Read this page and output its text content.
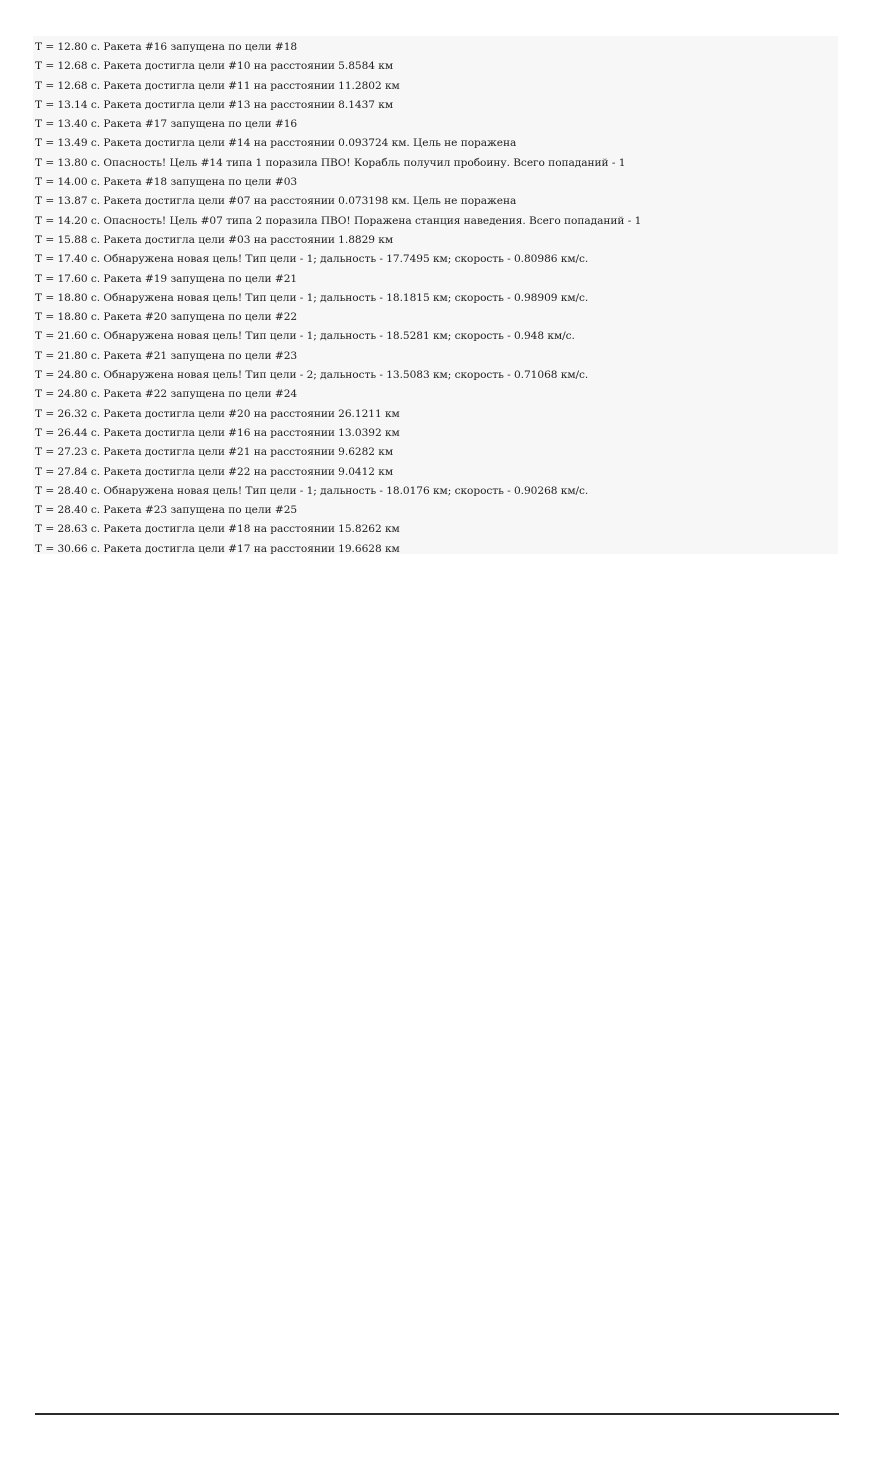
T = 12.80 с. Ракета #16 запущена по цели #18
T = 12.68 с. Ракета достигла цели #10 на расстоянии 5.8584 км
T = 12.68 с. Ракета достигла цели #11 на расстоянии 11.2802 км
T = 13.14 с. Ракета достигла цели #13 на расстоянии 8.1437 км
T = 13.40 с. Ракета #17 запущена по цели #16
T = 13.49 с. Ракета достигла цели #14 на расстоянии 0.093724 км. Цель не поражена
T = 13.80 с. Опасность! Цель #14 типа 1 поразила ПВО! Корабль получил пробоину. Всего попаданий - 1
T = 14.00 с. Ракета #18 запущена по цели #03
T = 13.87 с. Ракета достигла цели #07 на расстоянии 0.073198 км. Цель не поражена
T = 14.20 с. Опасность! Цель #07 типа 2 поразила ПВО! Поражена станция наведения. Всего попаданий - 1
T = 15.88 с. Ракета достигла цели #03 на расстоянии 1.8829 км
T = 17.40 с. Обнаружена новая цель! Тип цели - 1; дальность - 17.7495 км; скорость - 0.80986 км/с.
T = 17.60 с. Ракета #19 запущена по цели #21
T = 18.80 с. Обнаружена новая цель! Тип цели - 1; дальность - 18.1815 км; скорость - 0.98909 км/с.
T = 18.80 с. Ракета #20 запущена по цели #22
T = 21.60 с. Обнаружена новая цель! Тип цели - 1; дальность - 18.5281 км; скорость - 0.948 км/с.
T = 21.80 с. Ракета #21 запущена по цели #23
T = 24.80 с. Обнаружена новая цель! Тип цели - 2; дальность - 13.5083 км; скорость - 0.71068 км/с.
T = 24.80 с. Ракета #22 запущена по цели #24
T = 26.32 с. Ракета достигла цели #20 на расстоянии 26.1211 км
T = 26.44 с. Ракета достигла цели #16 на расстоянии 13.0392 км
T = 27.23 с. Ракета достигла цели #21 на расстоянии 9.6282 км
T = 27.84 с. Ракета достигла цели #22 на расстоянии 9.0412 км
T = 28.40 с. Обнаружена новая цель! Тип цели - 1; дальность - 18.0176 км; скорость - 0.90268 км/с.
T = 28.40 с. Ракета #23 запущена по цели #25
T = 28.63 с. Ракета достигла цели #18 на расстоянии 15.8262 км
T = 30.66 с. Ракета достигла цели #17 на расстоянии 19.6628 км
